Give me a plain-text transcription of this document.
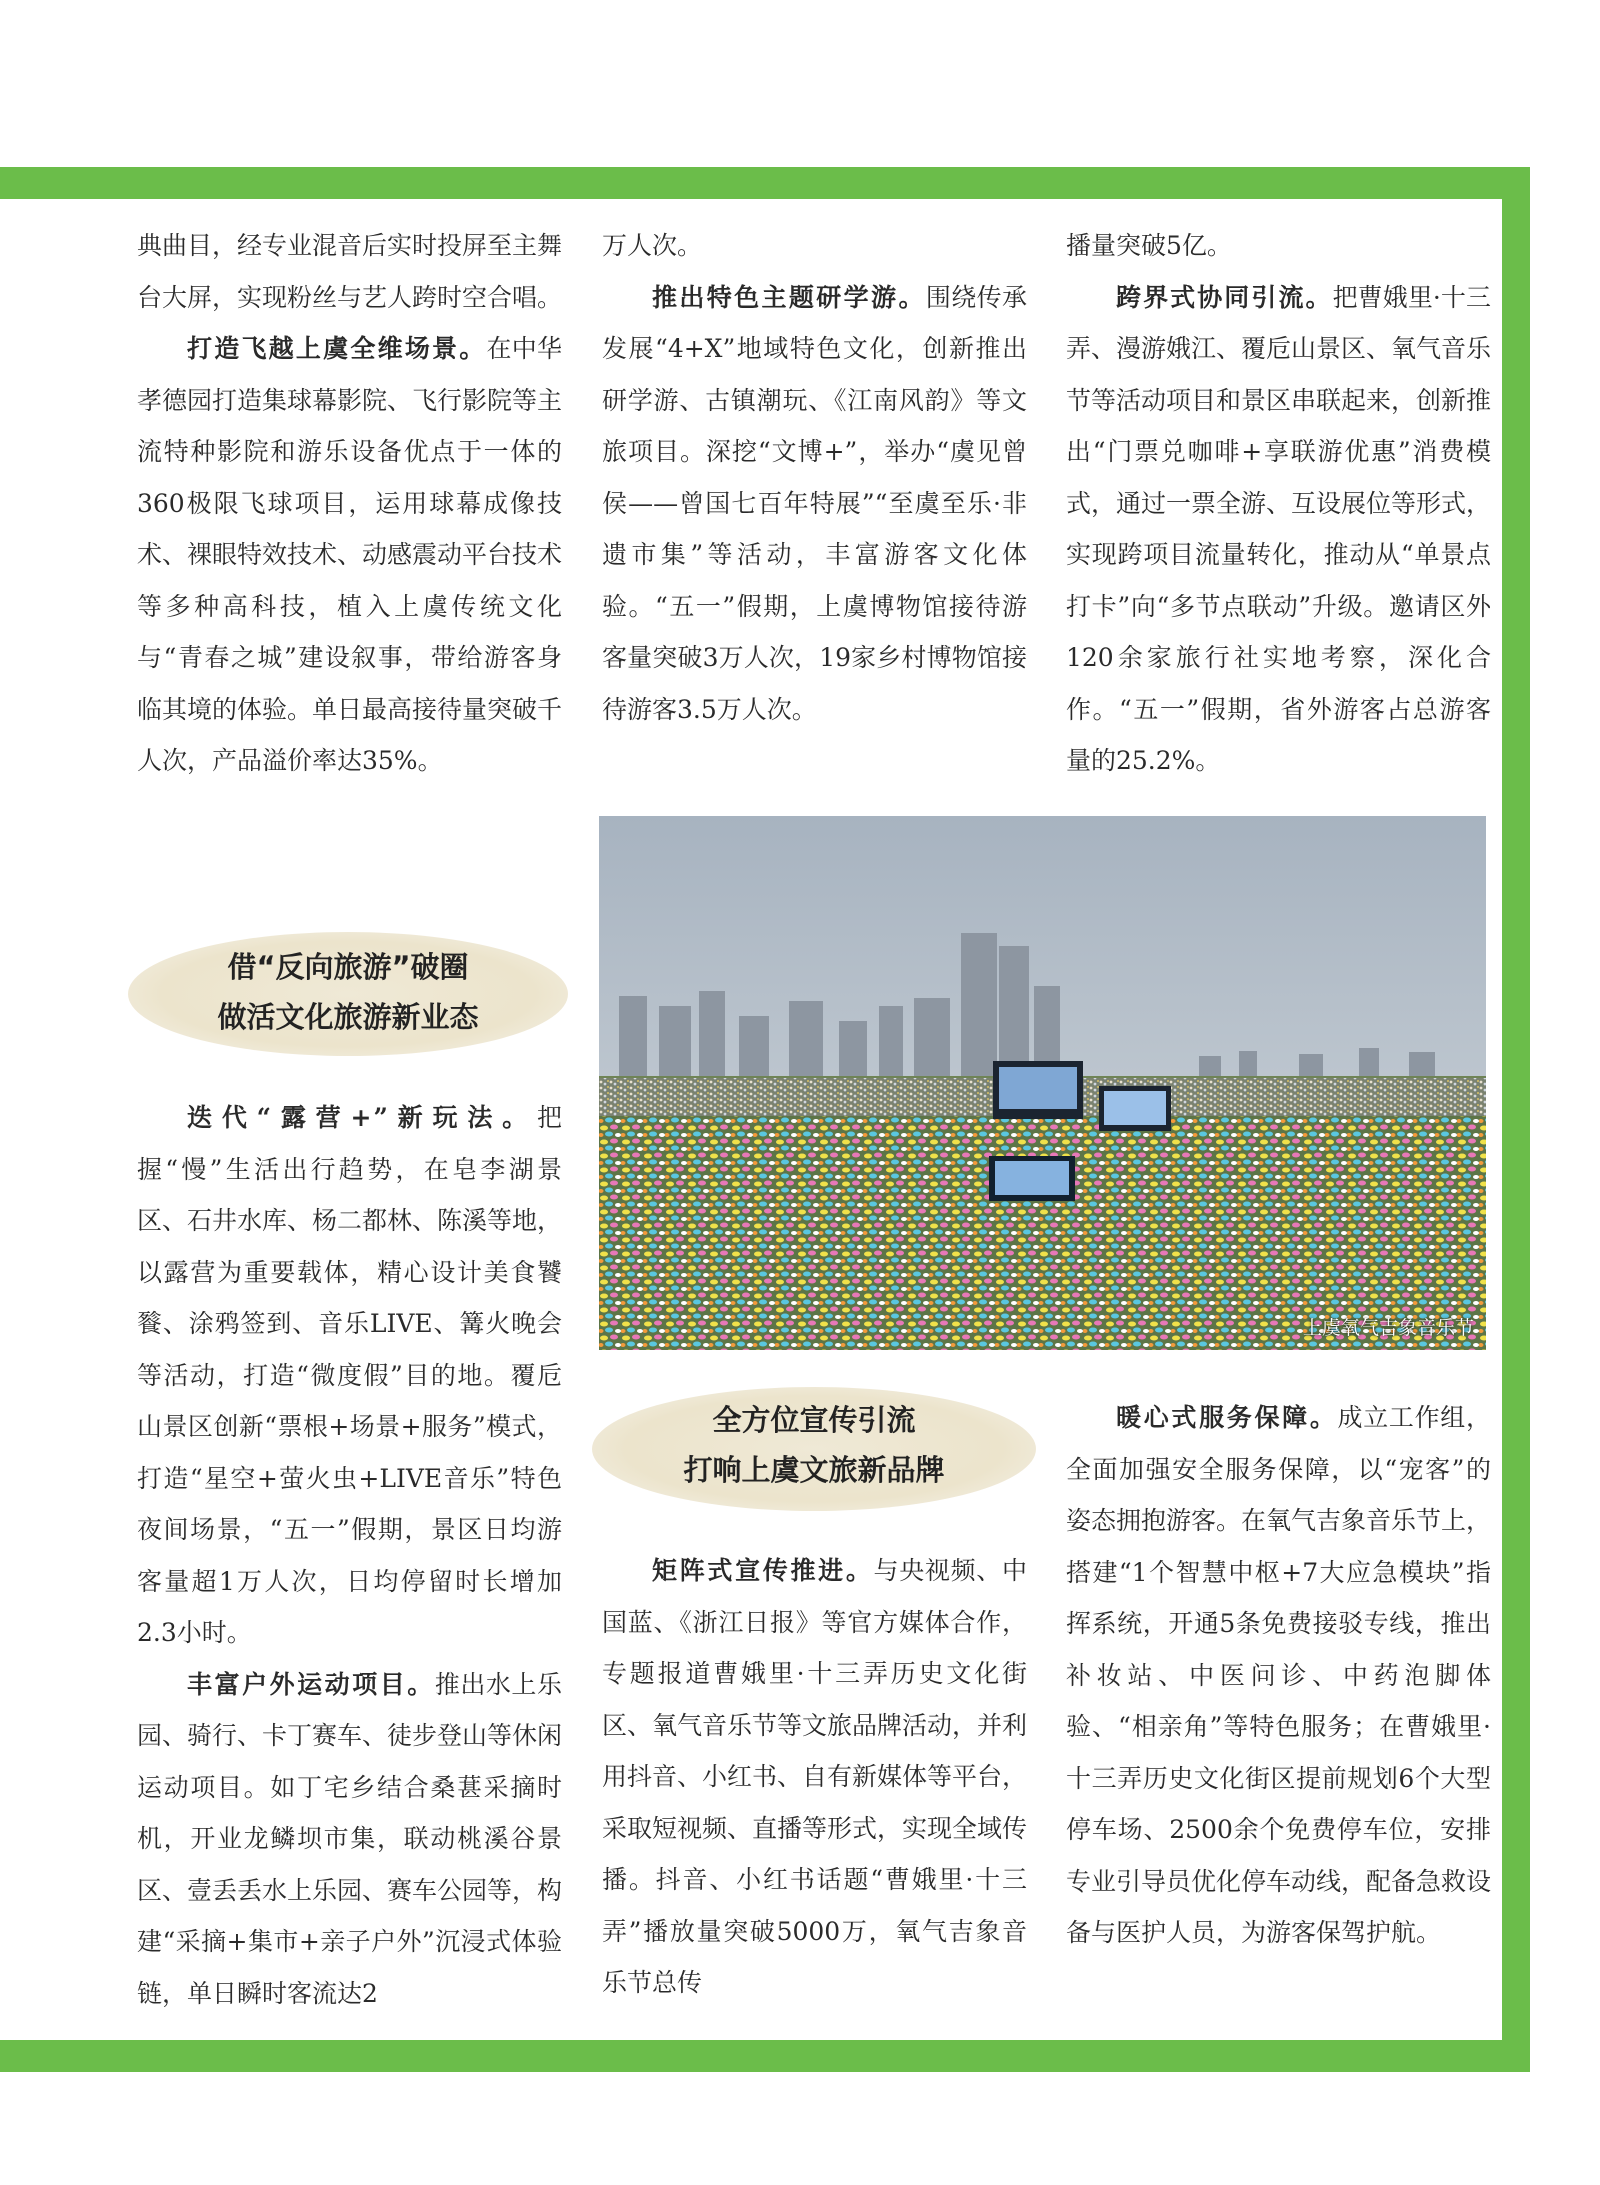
典曲目，经专业混音后实时投屏至主舞台大屏，实现粉丝与艺人跨时空合唱。

打造飞越上虞全维场景。在中华孝德园打造集球幕影院、飞行影院等主流特种影院和游乐设备优点于一体的360极限飞球项目，运用球幕成像技术、裸眼特效技术、动感震动平台技术等多种高科技，植入上虞传统文化与“青春之城”建设叙事，带给游客身临其境的体验。单日最高接待量突破千人次，产品溢价率达35%。

借“反向旅游”破圈
做活文化旅游新业态

迭代“露营+”新玩法。把握“慢”生活出行趋势，在皂李湖景区、石井水库、杨二都林、陈溪等地，以露营为重要载体，精心设计美食饕餮、涂鸦签到、音乐LIVE、篝火晚会等活动，打造“微度假”目的地。覆卮山景区创新“票根+场景+服务”模式，打造“星空+萤火虫+LIVE音乐”特色夜间场景，“五一”假期，景区日均游客量超1万人次，日均停留时长增加2.3小时。

丰富户外运动项目。推出水上乐园、骑行、卡丁赛车、徒步登山等休闲运动项目。如丁宅乡结合桑葚采摘时机，开业龙鳞坝市集，联动桃溪谷景区、壹丢丢水上乐园、赛车公园等，构建“采摘+集市+亲子户外”沉浸式体验链，单日瞬时客流达2

万人次。

推出特色主题研学游。围绕传承发展“4+X”地域特色文化，创新推出研学游、古镇潮玩、《江南风韵》等文旅项目。深挖“文博+”，举办“虞见曾侯——曾国七百年特展”“至虞至乐·非遗市集”等活动，丰富游客文化体验。“五一”假期，上虞博物馆接待游客量突破3万人次，19家乡村博物馆接待游客3.5万人次。

播量突破5亿。

跨界式协同引流。把曹娥里·十三弄、漫游娥江、覆卮山景区、氧气音乐节等活动项目和景区串联起来，创新推出“门票兑咖啡+享联游优惠”消费模式，通过一票全游、互设展位等形式，实现跨项目流量转化，推动从“单景点打卡”向“多节点联动”升级。邀请区外120余家旅行社实地考察，深化合作。“五一”假期，省外游客占总游客量的25.2%。

上虞氧气吉象音乐节
全方位宣传引流
打响上虞文旅新品牌

矩阵式宣传推进。与央视频、中国蓝、《浙江日报》等官方媒体合作，专题报道曹娥里·十三弄历史文化街区、氧气音乐节等文旅品牌活动，并利用抖音、小红书、自有新媒体等平台，采取短视频、直播等形式，实现全域传播。抖音、小红书话题“曹娥里·十三弄”播放量突破5000万，氧气吉象音乐节总传

暖心式服务保障。成立工作组，全面加强安全服务保障，以“宠客”的姿态拥抱游客。在氧气吉象音乐节上，搭建“1个智慧中枢+7大应急模块”指挥系统，开通5条免费接驳专线，推出补妆站、中医问诊、中药泡脚体验、“相亲角”等特色服务；在曹娥里·十三弄历史文化街区提前规划6个大型停车场、2500余个免费停车位，安排专业引导员优化停车动线，配备急救设备与医护人员，为游客保驾护航。
